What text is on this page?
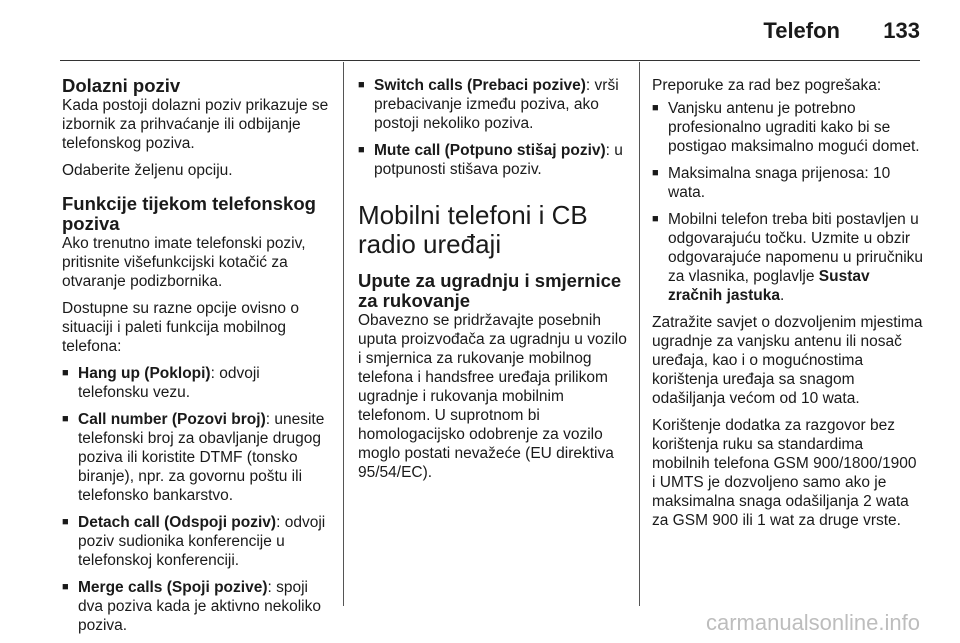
Telefon 133
Dolazni poziv

Kada postoji dolazni poziv prikazuje se izbornik za prihvaćanje ili odbijanje telefonskog poziva.

Odaberite željenu opciju.

Funkcije tijekom telefonskog poziva

Ako trenutno imate telefonski poziv, pritisnite višefunkcijski kotačić za otvaranje podizbornika.

Dostupne su razne opcije ovisno o situaciji i paleti funkcija mobilnog telefona:

■ Hang up (Poklopi): odvoji telefonsku vezu.
■ Call number (Pozovi broj): unesite telefonski broj za obavljanje drugog poziva ili koristite DTMF (tonsko biranje), npr. za govornu poštu ili telefonsko bankarstvo.
■ Detach call (Odspoji poziv): odvoji poziv sudionika konferencije u telefonskoj konferenciji.
■ Merge calls (Spoji pozive): spoji dva poziva kada je aktivno nekoliko poziva.
■ Switch calls (Prebaci pozive): vrši prebacivanje između poziva, ako postoji nekoliko poziva.
■ Mute call (Potpuno stišaj poziv): u potpunosti stišava poziv.
Mobilni telefoni i CB radio uređaji
Upute za ugradnju i smjernice za rukovanje

Obavezno se pridržavajte posebnih uputa proizvođača za ugradnju u vozilo i smjernica za rukovanje mobilnog telefona i handsfree uređaja prilikom ugradnje i rukovanja mobilnim telefonom. U suprotnom bi homologacijsko odobrenje za vozilo moglo postati nevažeće (EU direktiva 95/54/EC).

Preporuke za rad bez pogrešaka:

■ Vanjsku antenu je potrebno profesionalno ugraditi kako bi se postigao maksimalno mogući domet.
■ Maksimalna snaga prijenosa: 10 wata.
■ Mobilni telefon treba biti postavljen u odgovarajuću točku. Uzmite u obzir odgovarajuće napomenu u priručniku za vlasnika, poglavlje Sustav zračnih jastuka.

Zatražite savjet o dozvoljenim mjestima ugradnje za vanjsku antenu ili nosač uređaja, kao i o mogućnostima korištenja uređaja sa snagom odašiljanja većom od 10 wata.

Korištenje dodatka za razgovor bez korištenja ruku sa standardima mobilnih telefona GSM 900/1800/1900 i UMTS je dozvoljeno samo ako je maksimalna snaga odašiljanja 2 wata za GSM 900 ili 1 wat za druge vrste.

carmanualsonline.info
